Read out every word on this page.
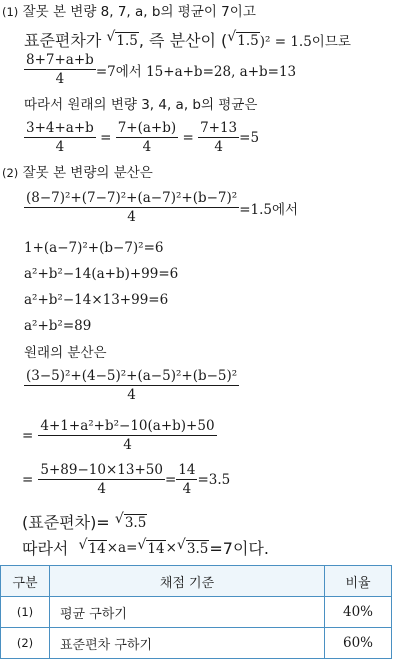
(1) 잘못 본 변량 8, 7, a, b의 평균이 7이고
표준편차가
√ 1.5 , 즉 분산이 ( √ 1.5 )² = 1.5이므로
$\frac{8+7+a+b}{4} =7$에서 15+a+b=28, a+b=13
따라서 원래의 변량 3, 4, a, b의 평균은
$\frac{3+4+a+b}{4} = \frac{7+(a+b)}{4} = \frac{7+13}{4} =5$
(2) 잘못 본 변량의 분산은
$\frac{\text{(8−7)²+(7−7)²+(a−7)²+(b−7)²}}{4} =1.5$에서
1+(a−7)²+(b−7)²=6
a²+b²−14(a+b)+99=6
a²+b²−14×13+99=6
a²+b²=89
원래의 분산은
$\frac{\text{(3−5)²+(4−5)²+(a−5)²+(b−5)²}}{4}$
=
$\frac{\text{4+1+a²+b²−10(a+b)+50}}{4}$
=
$\frac{5+89-10\times 13+50}{4} = \frac{14}{4} =3.5$
(표준편차)=
√ 3.5
따라서
√ 14 ×a= √ 14 × √ 3.5 =7이다.
구분	채점 기준	비율
(1)	평균 구하기	40%
(2)	표준편차 구하기	60%
